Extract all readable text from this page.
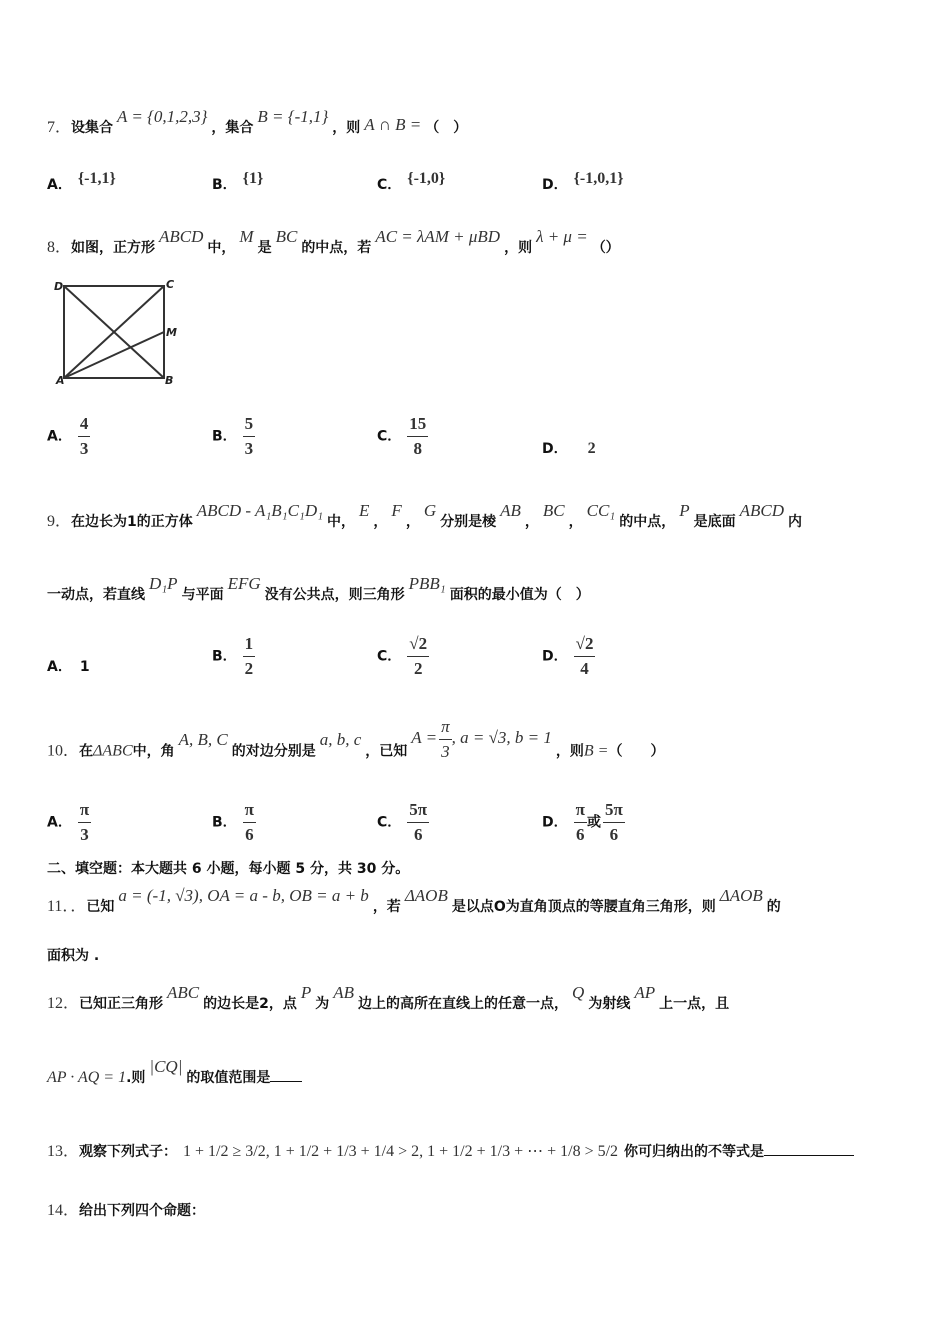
7．设集合A = {0,1,2,3}，集合B = {-1,1}，则 A ∩ B = （　）
A． {-1,1}	B． {1}	C． {-1,0}	D． {-1,0,1}
8．如图，正方形ABCD中，M是BC的中点，若AC = λAM + μBD，则λ + μ =（）
D	C
M
A	B
A． $\frac{4}{3}$	B． $\frac{5}{3}$	C． $\frac{15}{8}$	D． 2
9．在边长为1的正方体ABCD - A₁B₁C₁D₁中，E，F，G分别是棱AB，BC，CC₁的中点，P是底面ABCD内
一动点，若直线D₁P与平面EFG没有公共点，则三角形PBB₁面积的最小值为（　）
A． 1
B． $\frac{1}{2}$	C． $\frac{√2}{2}$	D． $\frac{√2}{4}$
10．在ΔABC中，角A, B, C的对边分别是a, b, c，已知$A = \frac{\pi}{3}$ , a = √3, b = 1，则B =（　　）
A． $\frac{\pi}{3}$	B． $\frac{\pi}{6}$	C． $\frac{5\pi}{6}$	D． $\frac{\pi}{6}$ 或 $\frac{5\pi}{6}$
二、填空题：本大题共 6 小题，每小题 5 分，共 30 分。
11．．已知a = (-1, √3), OA = a - b, OB = a + b，若ΔAOB是以点O为直角顶点的等腰直角三角形，则ΔAOB的
面积为 .
12．已知正三角形ABC的边长是2，点P为AB边上的高所在直线上的任意一点，Q为射线AP上一点，且
AP · AQ = 1.则|CQ|的取值范围是
13．观察下列式子： 1 + 1/2 ≥ 3/2, 1 + 1/2 + 1/3 + 1/4 > 2, 1 + 1/2 + 1/3 + ⋯ + 1/8 > 5/2 你可归纳出的不等式是
14．给出下列四个命题：
